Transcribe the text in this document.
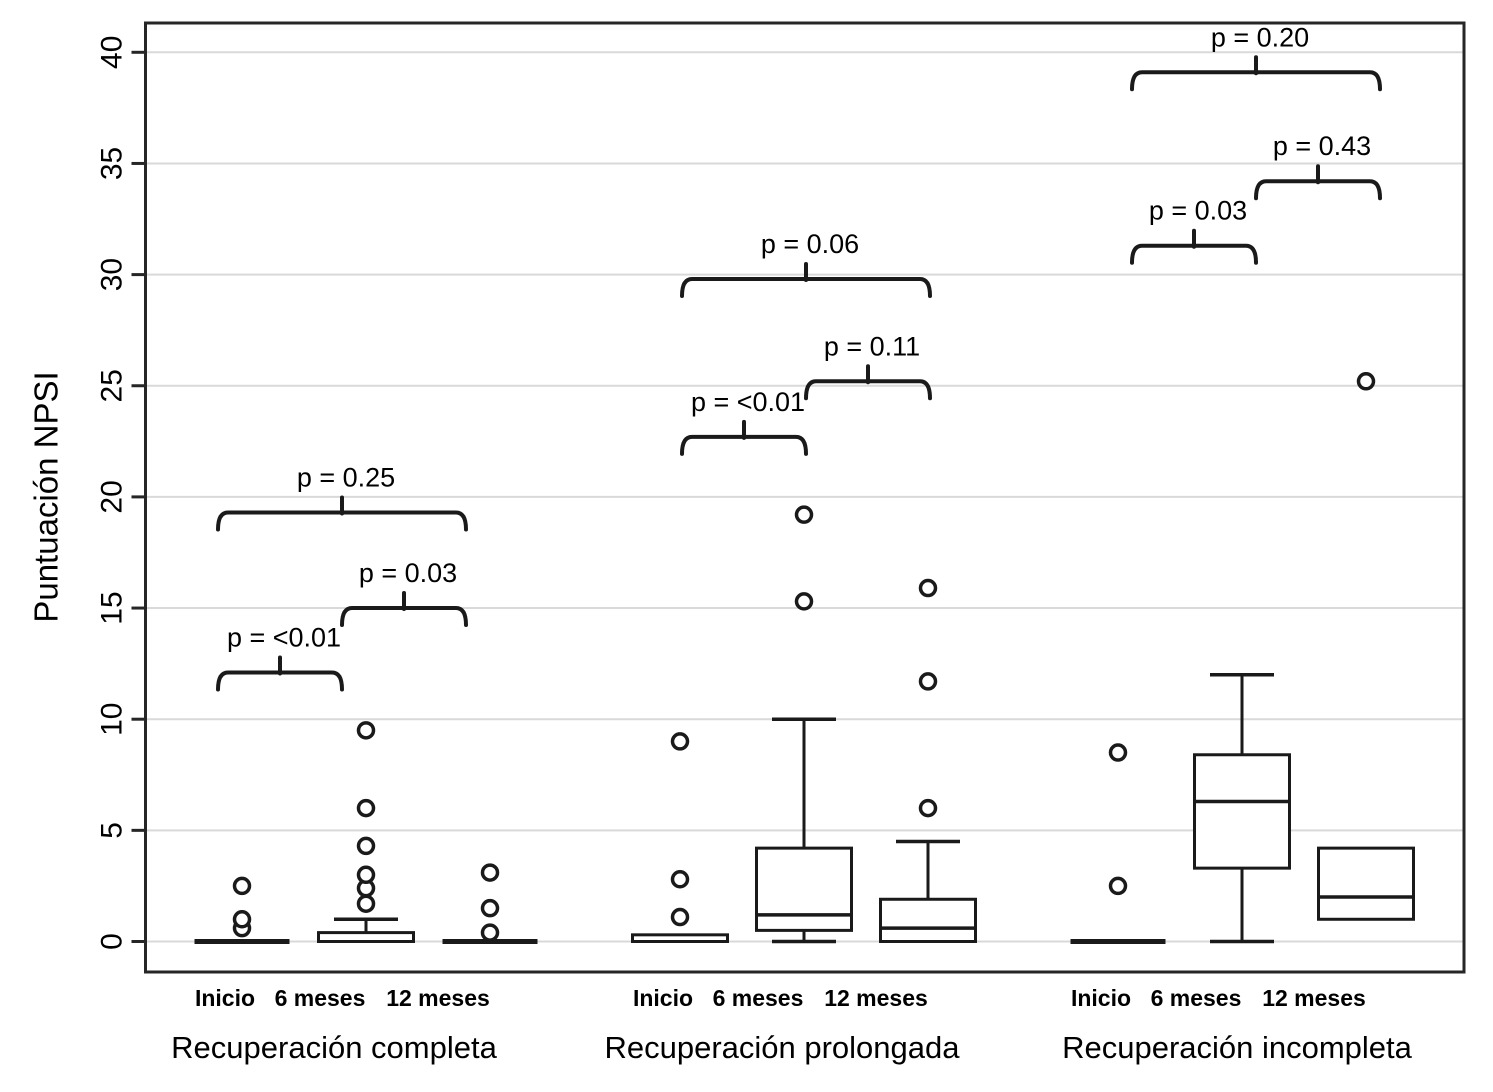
0
5
10
15
20
25
30
35
40
Puntuación NPSI
Inicio 6 meses 12 meses
p = <0.01
p = 0.03
p = 0.25
Recuperación completa
Inicio 6 meses 12 meses
p = <0.01
p = 0.11
p = 0.06
Recuperación prolongada
Inicio 6 meses 12 meses
p = 0.03
p = 0.43
p = 0.20
Recuperación incompleta
